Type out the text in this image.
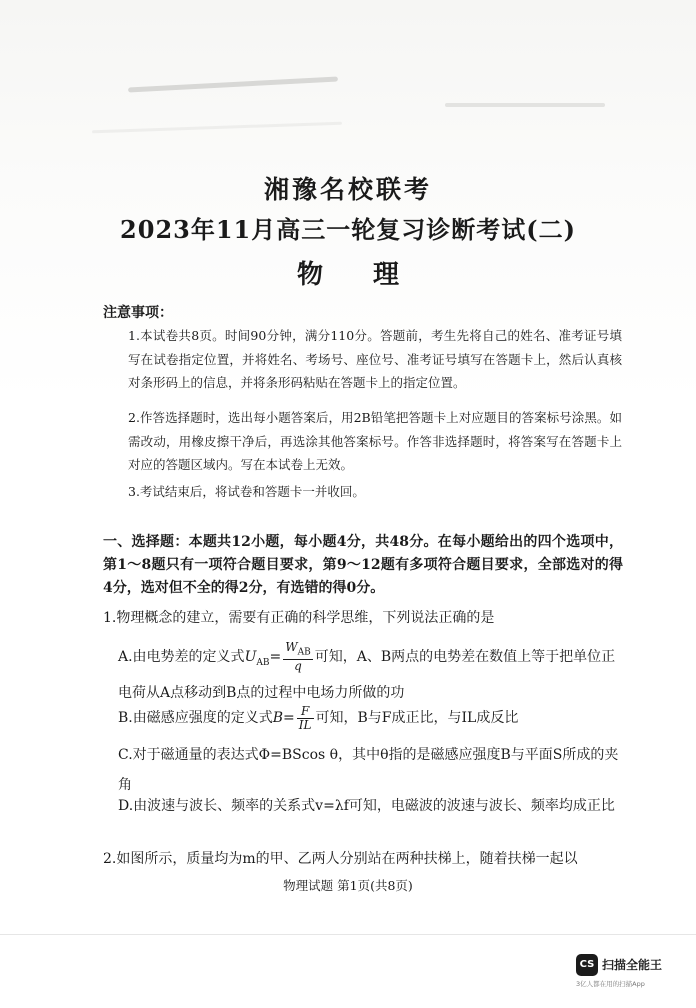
湘豫名校联考
2023年11月高三一轮复习诊断考试(二)
物　理
注意事项：
1.本试卷共8页。时间90分钟，满分110分。答题前，考生先将自己的姓名、准考证号填写在试卷指定位置，并将姓名、考场号、座位号、准考证号填写在答题卡上，然后认真核对条形码上的信息，并将条形码粘贴在答题卡上的指定位置。
2.作答选择题时，选出每小题答案后，用2B铅笔把答题卡上对应题目的答案标号涂黑。如需改动，用橡皮擦干净后，再选涂其他答案标号。作答非选择题时，将答案写在答题卡上对应的答题区域内。写在本试卷上无效。
3.考试结束后，将试卷和答题卡一并收回。
一、选择题：本题共12小题，每小题4分，共48分。在每小题给出的四个选项中，第1～8题只有一项符合题目要求，第9～12题有多项符合题目要求，全部选对的得4分，选对但不全的得2分，有选错的得0分。
1.物理概念的建立，需要有正确的科学思维，下列说法正确的是
A.由电势差的定义式$U_{AB}= \frac{W_{AB}}{q}$ 可知，A、B两点的电势差在数值上等于把单位正电荷从A点移动到B点的过程中电场力所做的功
B.由磁感应强度的定义式$B= \frac{F}{IL}$ 可知，B与F成正比，与IL成反比
C.对于磁通量的表达式Φ=BScos θ，其中θ指的是磁感应强度B与平面S所成的夹角
D.由波速与波长、频率的关系式v=λf可知，电磁波的波速与波长、频率均成正比
2.如图所示，质量均为m的甲、乙两人分别站在两种扶梯上，随着扶梯一起以
物理试题 第1页(共8页)
CS 扫描全能王
3亿人都在用的扫描App
